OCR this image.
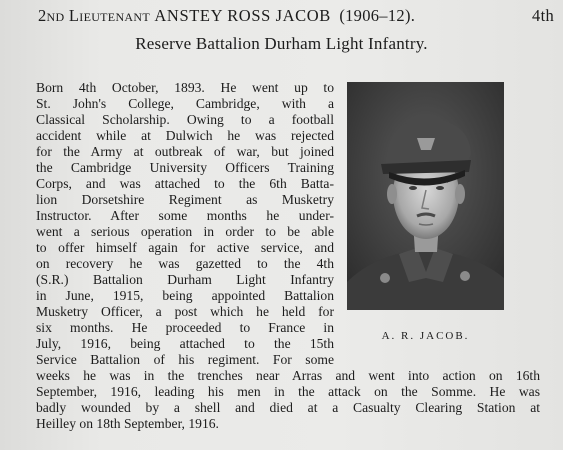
2nd Lieutenant ANSTEY ROSS JACOB (1906–12).	4th
Reserve Battalion Durham Light Infantry.
Born 4th October, 1893. He went up to
St. John's College, Cambridge, with a
Classical Scholarship. Owing to a football
accident while at Dulwich he was rejected
for the Army at outbreak of war, but joined
the Cambridge University Officers Training
Corps, and was attached to the 6th Batta-
lion Dorsetshire Regiment as Musketry
Instructor. After some months he under-
went a serious operation in order to be able
to offer himself again for active service, and
on recovery he was gazetted to the 4th
(S.R.) Battalion Durham Light Infantry
in June, 1915, being appointed Battalion
Musketry Officer, a post which he held for
six months. He proceeded to France in
July, 1916, being attached to the 15th
Service Battalion of his regiment. For some
weeks he was in the trenches near Arras and went into action on 16th
September, 1916, leading his men in the attack on the Somme. He was
badly wounded by a shell and died at a Casualty Clearing Station at
Heilley on 18th September, 1916.
A. R. JACOB.
